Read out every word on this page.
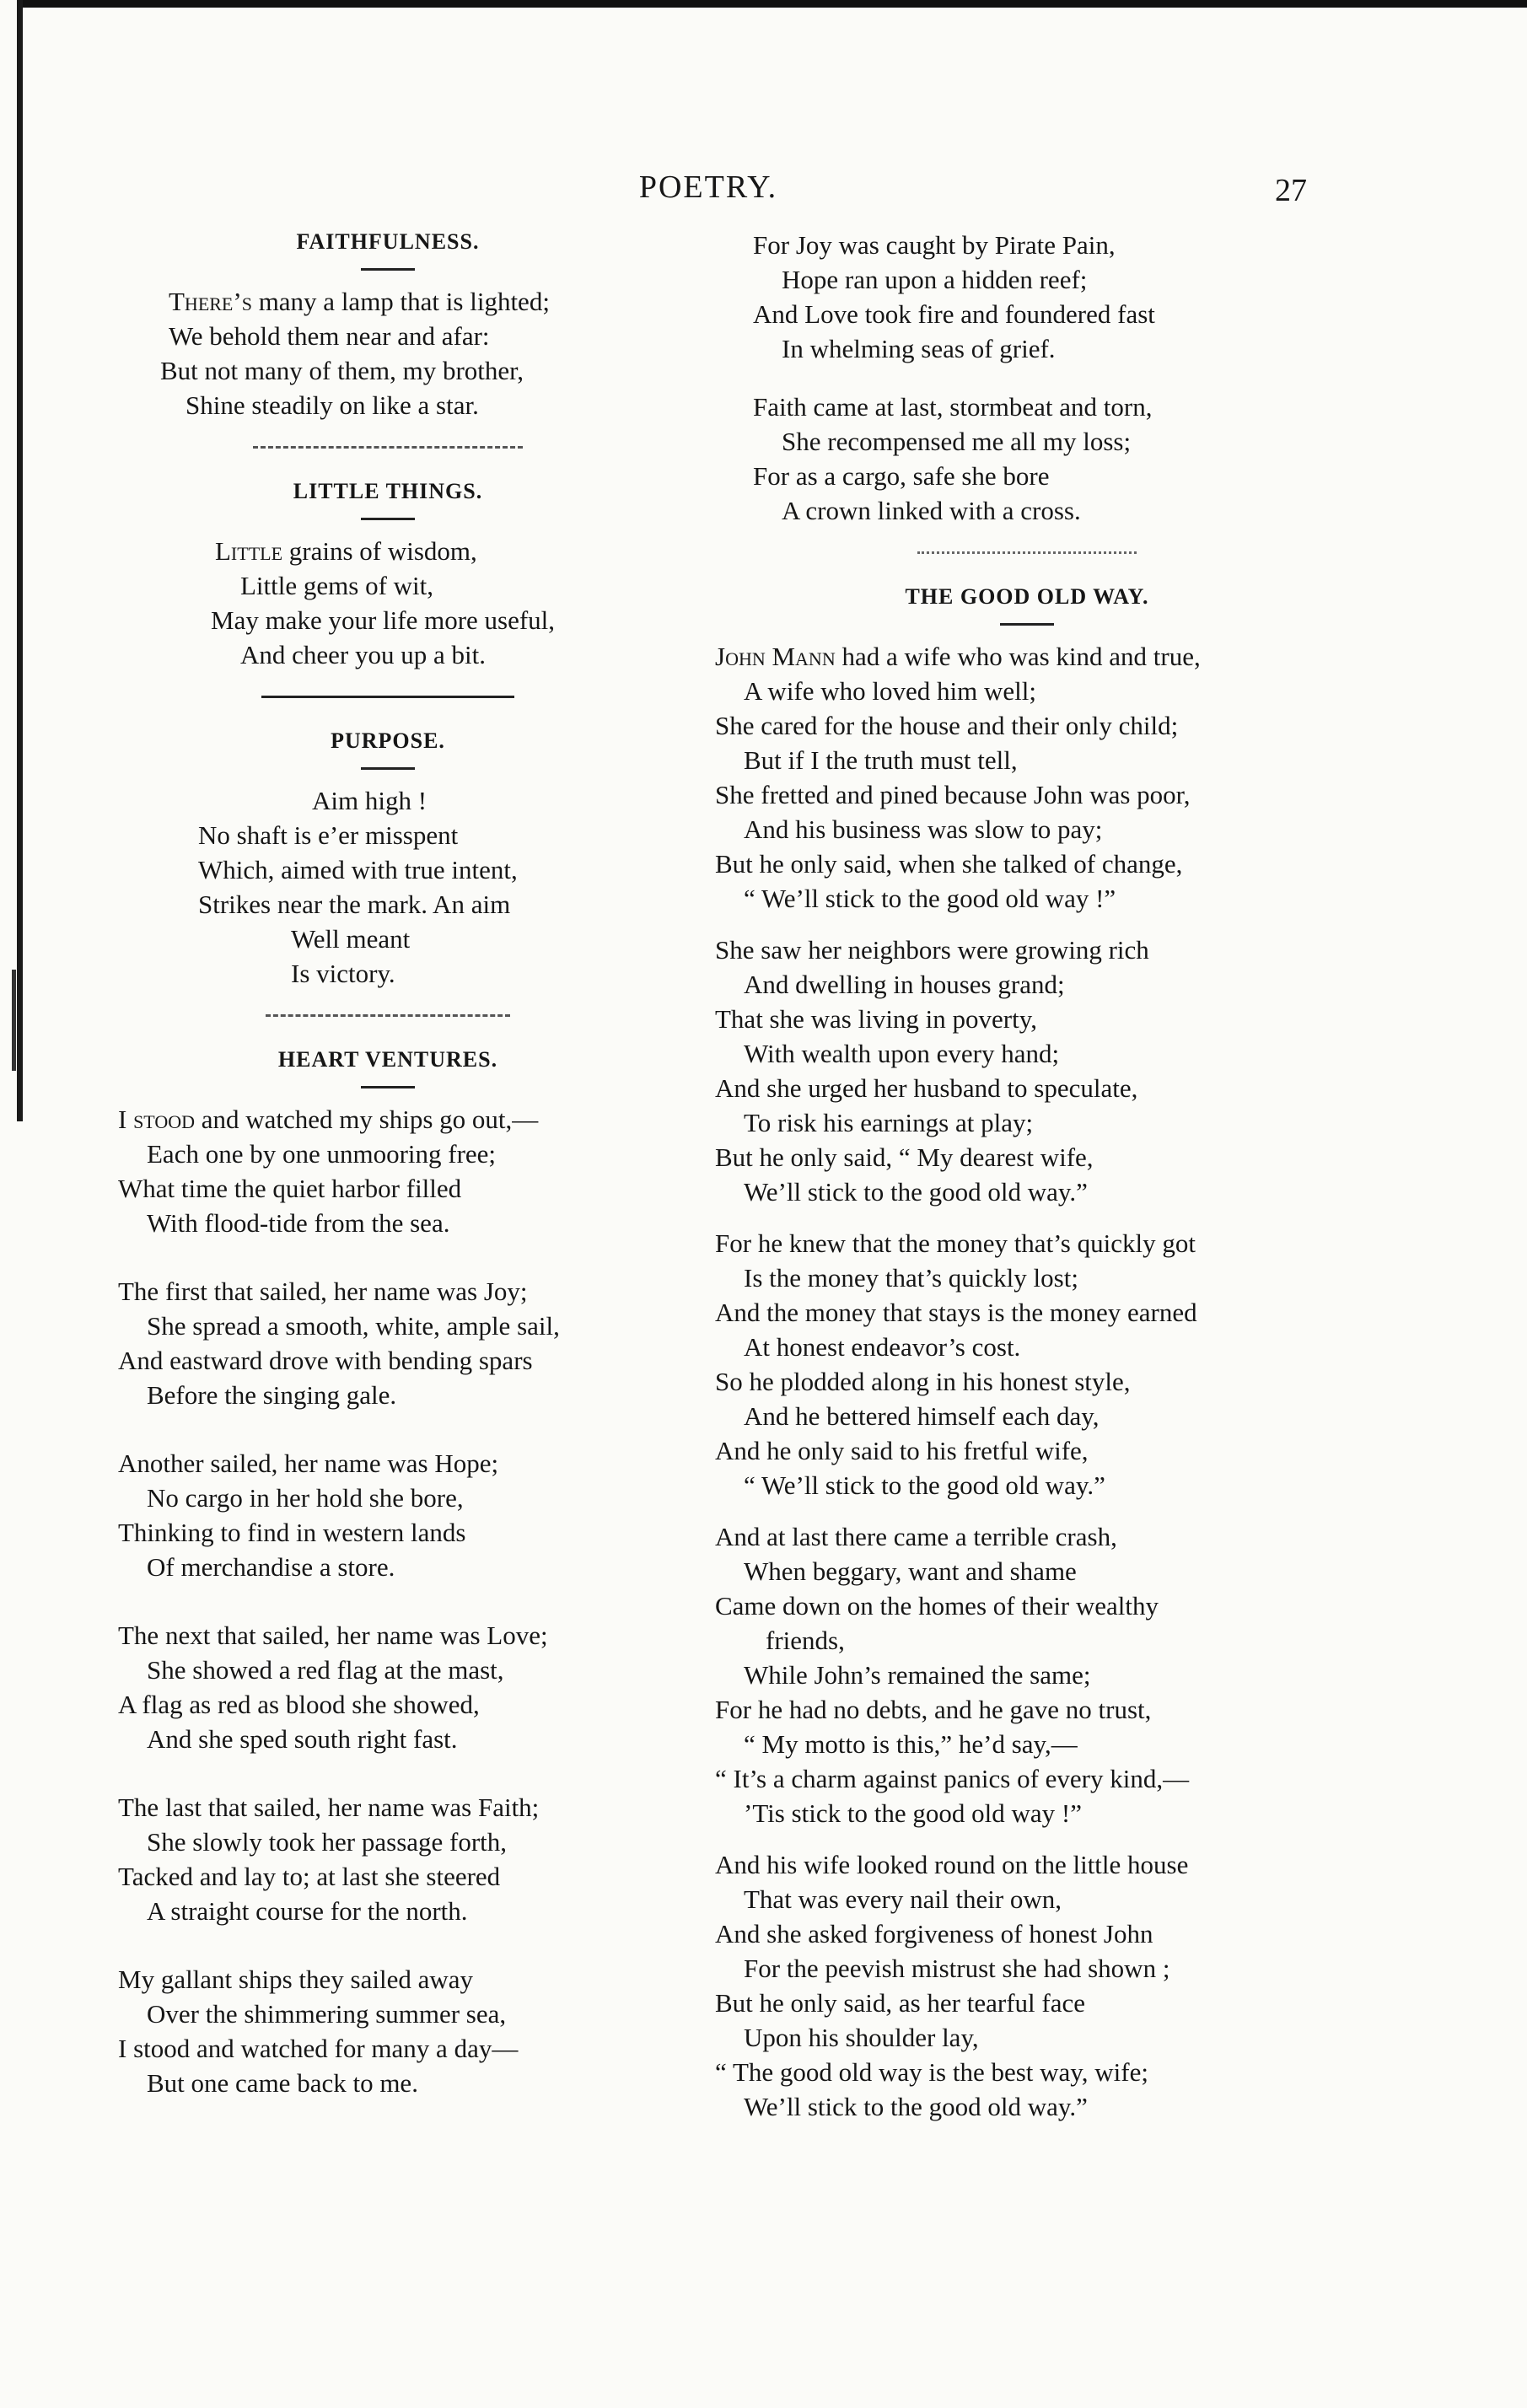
POETRY.	27
FAITHFULNESS.
There’s many a lamp that is lighted;
We behold them near and afar:
But not many of them, my brother,
Shine steadily on like a star.
LITTLE THINGS.
Little grains of wisdom,
Little gems of wit,
May make your life more useful,
And cheer you up a bit.
PURPOSE.
Aim high !
No shaft is e’er misspent
Which, aimed with true intent,
Strikes near the mark. An aim
Well meant
Is victory.
HEART VENTURES.
I stood and watched my ships go out,—
Each one by one unmooring free;
What time the quiet harbor filled
With flood-tide from the sea.
The first that sailed, her name was Joy;
She spread a smooth, white, ample sail,
And eastward drove with bending spars
Before the singing gale.
Another sailed, her name was Hope;
No cargo in her hold she bore,
Thinking to find in western lands
Of merchandise a store.
The next that sailed, her name was Love;
She showed a red flag at the mast,
A flag as red as blood she showed,
And she sped south right fast.
The last that sailed, her name was Faith;
She slowly took her passage forth,
Tacked and lay to; at last she steered
A straight course for the north.
My gallant ships they sailed away
Over the shimmering summer sea,
I stood and watched for many a day—
But one came back to me.
For Joy was caught by Pirate Pain,
Hope ran upon a hidden reef;
And Love took fire and foundered fast
In whelming seas of grief.
Faith came at last, stormbeat and torn,
She recompensed me all my loss;
For as a cargo, safe she bore
A crown linked with a cross.
THE GOOD OLD WAY.
John Mann had a wife who was kind and true,
A wife who loved him well;
She cared for the house and their only child;
But if I the truth must tell,
She fretted and pined because John was poor,
And his business was slow to pay;
But he only said, when she talked of change,
“ We’ll stick to the good old way !”
She saw her neighbors were growing rich
And dwelling in houses grand;
That she was living in poverty,
With wealth upon every hand;
And she urged her husband to speculate,
To risk his earnings at play;
But he only said, “ My dearest wife,
We’ll stick to the good old way.”
For he knew that the money that’s quickly got
Is the money that’s quickly lost;
And the money that stays is the money earned
At honest endeavor’s cost.
So he plodded along in his honest style,
And he bettered himself each day,
And he only said to his fretful wife,
“ We’ll stick to the good old way.”
And at last there came a terrible crash,
When beggary, want and shame
Came down on the homes of their wealthy
friends,
While John’s remained the same;
For he had no debts, and he gave no trust,
“ My motto is this,” he’d say,—
“ It’s a charm against panics of every kind,—
’Tis stick to the good old way !”
And his wife looked round on the little house
That was every nail their own,
And she asked forgiveness of honest John
For the peevish mistrust she had shown ;
But he only said, as her tearful face
Upon his shoulder lay,
“ The good old way is the best way, wife;
We’ll stick to the good old way.”
